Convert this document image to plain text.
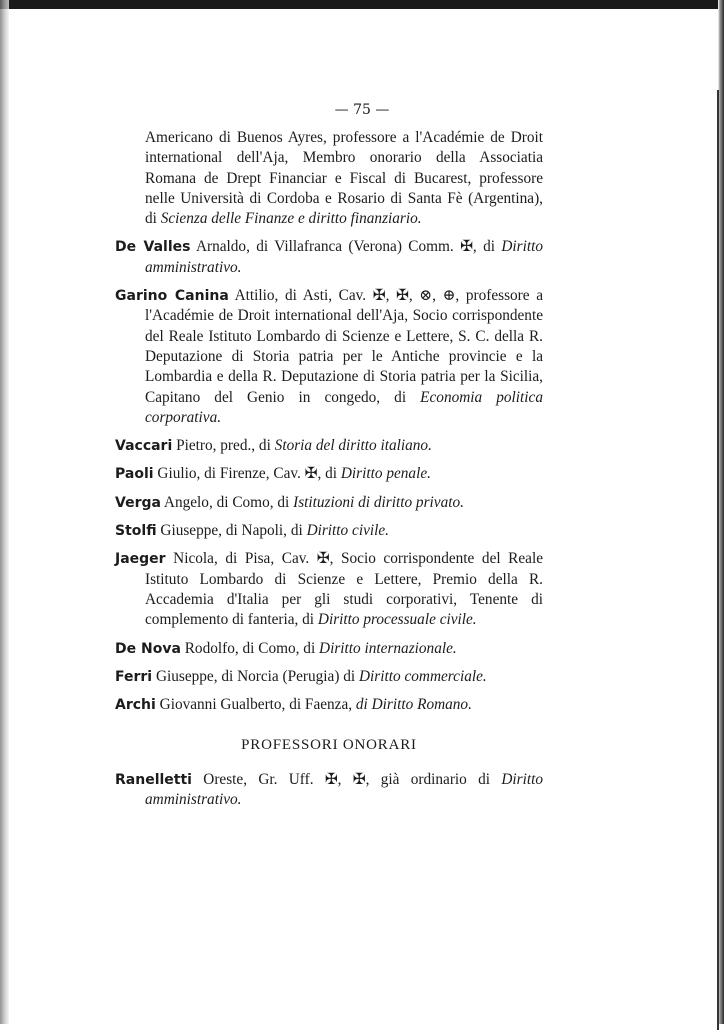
— 75 —

Americano di Buenos Ayres, professore a l'Académie de Droit international dell'Aja, Membro onorario della Associatia Romana de Drept Financiar e Fiscal di Bucarest, professore nelle Università di Cordoba e Rosario di Santa Fè (Argentina), di Scienza delle Finanze e diritto finanziario.

De Valles Arnaldo, di Villafranca (Verona) Comm. ✠, di Diritto amministrativo.

Garino Canina Attilio, di Asti, Cav. ✠, ✠, ⊗, ⊕, professore a l'Académie de Droit international dell'Aja, Socio corrispondente del Reale Istituto Lombardo di Scienze e Lettere, S. C. della R. Deputazione di Storia patria per le Antiche provincie e la Lombardia e della R. Deputazione di Storia patria per la Sicilia, Capitano del Genio in congedo, di Economia politica corporativa.

Vaccari Pietro, pred., di Storia del diritto italiano.

Paoli Giulio, di Firenze, Cav. ✠, di Diritto penale.

Verga Angelo, di Como, di Istituzioni di diritto privato.

Stolfi Giuseppe, di Napoli, di Diritto civile.

Jaeger Nicola, di Pisa, Cav. ✠, Socio corrispondente del Reale Istituto Lombardo di Scienze e Lettere, Premio della R. Accademia d'Italia per gli studi corporativi, Tenente di complemento di fanteria, di Diritto processuale civile.

De Nova Rodolfo, di Como, di Diritto internazionale.

Ferri Giuseppe, di Norcia (Perugia) di Diritto commerciale.

Archi Giovanni Gualberto, di Faenza, di Diritto Romano.

PROFESSORI ONORARI

Ranelletti Oreste, Gr. Uff. ✠, ✠, già ordinario di Diritto amministrativo.
